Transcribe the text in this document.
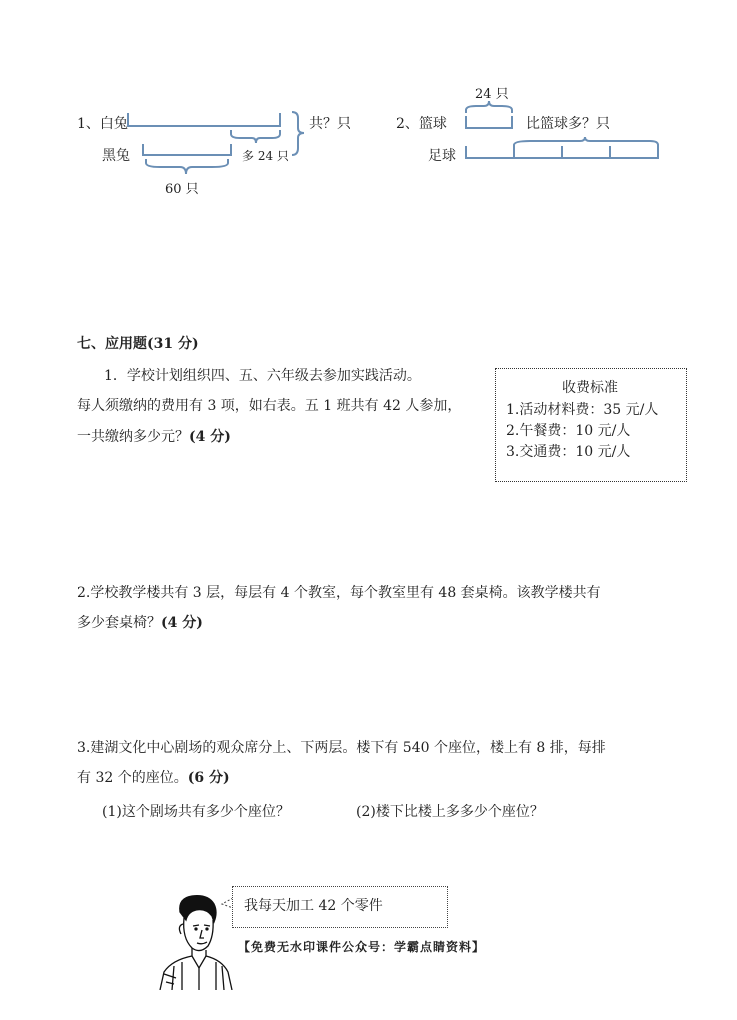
1、白兔
黑兔	多 24 只
共？只
60 只
2、篮球
足球
24 只
比篮球多？只
七、应用题(31 分)
1．学校计划组织四、五、六年级去参加实践活动。
每人须缴纳的费用有 3 项，如右表。五 1 班共有 42 人参加，
一共缴纳多少元？(4 分)
收费标准
1.活动材料费：35 元/人
2.午餐费：10 元/人
3.交通费：10 元/人
2.学校教学楼共有 3 层，每层有 4 个教室，每个教室里有 48 套桌椅。该教学楼共有
多少套桌椅？(4 分)
3.建湖文化中心剧场的观众席分上、下两层。楼下有 540 个座位，楼上有 8 排，每排
有 32 个的座位。(6 分)
(1)这个剧场共有多少个座位？	(2)楼下比楼上多多少个座位？
我每天加工 42 个零件
【免费无水印课件公众号：学霸点睛资料】
